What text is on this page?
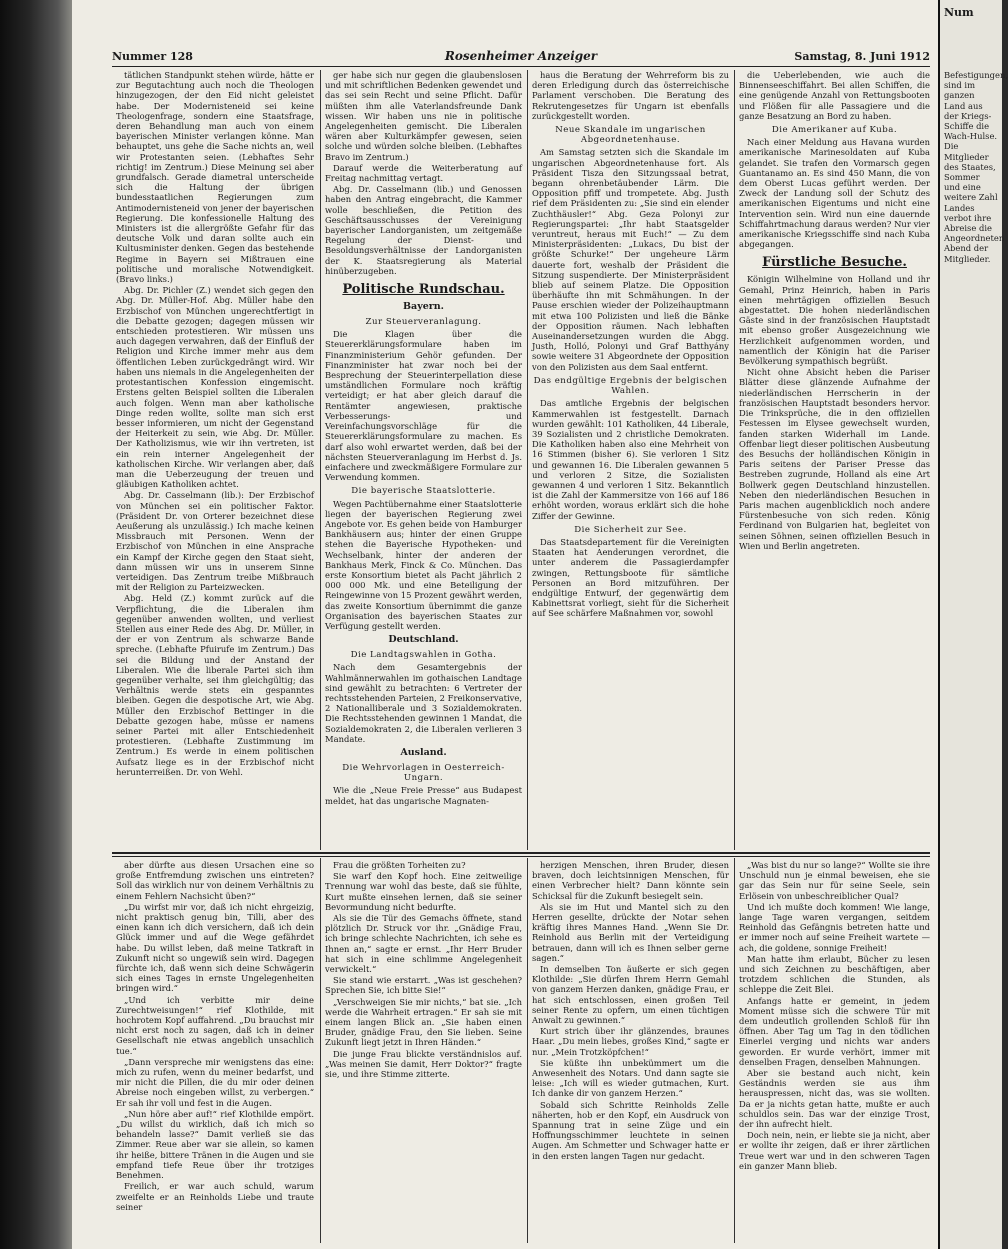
Nummer 128	Rosenheimer Anzeiger	Samstag, 8. Juni 1912

tätlichen Standpunkt stehen würde, hätte er zur Begutachtung auch noch die Theologen hinzugezogen, der den Eid nicht geleistet habe. Der Modernisteneid sei keine Theologenfrage, sondern eine Staatsfrage, deren Behandlung man auch von einem bayerischen Minister verlangen könne. Man behauptet, uns gehe die Sache nichts an, weil wir Protestanten seien. (Lebhaftes Sehr richtig! im Zentrum.) Diese Meinung sei aber grundfalsch. Gerade diametral unterscheide sich die Haltung der übrigen bundesstaatlichen Regierungen zum Antimodernisteneid von jener der bayerischen Regierung. Die konfessionelle Haltung des Ministers ist die allergrößte Gefahr für das deutsche Volk und daran sollte auch ein Kultusminister denken. Gegen das bestehende Regime in Bayern sei Mißtrauen eine politische und moralische Notwendigkeit. (Bravo links.)

Abg. Dr. Pichler (Z.) wendet sich gegen den Abg. Dr. Müller-Hof. Abg. Müller habe den Erzbischof von München ungerechtfertigt in die Debatte gezogen; dagegen müssen wir entschieden protestieren. Wir müssen uns auch dagegen verwahren, daß der Einfluß der Religion und Kirche immer mehr aus dem öffentlichen Leben zurückgedrängt wird. Wir haben uns niemals in die Angelegenheiten der protestantischen Konfession eingemischt. Erstens gelten Beispiel sollten die Liberalen auch folgen. Wenn man aber katholische Dinge reden wollte, sollte man sich erst besser informieren, um nicht der Gegenstand der Heiterkeit zu sein, wie Abg. Dr. Müller. Der Katholizismus, wie wir ihn vertreten, ist ein rein interner Angelegenheit der katholischen Kirche. Wir verlangen aber, daß man die Ueberzeugung der treuen und gläubigen Katholiken achtet.

Abg. Dr. Casselmann (lib.): Der Erzbischof von München sei ein politischer Faktor. (Präsident Dr. von Orterer bezeichnet diese Aeußerung als unzulässig.) Ich mache keinen Missbrauch mit Personen. Wenn der Erzbischof von München in eine Ansprache ein Kampf der Kirche gegen den Staat sieht, dann müssen wir uns in unserem Sinne verteidigen. Das Zentrum treibe Mißbrauch mit der Religion zu Parteizwecken.

Abg. Held (Z.) kommt zurück auf die Verpflichtung, die die Liberalen ihm gegenüber anwenden wollten, und verliest Stellen aus einer Rede des Abg. Dr. Müller, in der er von Zentrum als schwarze Bande spreche. (Lebhafte Pfuirufe im Zentrum.) Das sei die Bildung und der Anstand der Liberalen. Wie die liberale Partei sich ihm gegenüber verhalte, sei ihm gleichgültig; das Verhältnis werde stets ein gespanntes bleiben. Gegen die despotische Art, wie Abg. Müller den Erzbischof Bettinger in die Debatte gezogen habe, müsse er namens seiner Partei mit aller Entschiedenheit protestieren. (Lebhafte Zustimmung im Zentrum.) Es werde in einem politischen Aufsatz liege es in der Erzbischof nicht herunterreißen. Dr. von Wehl.

ger habe sich nur gegen die glaubenslosen und mit schriftlichen Bedenken gewendet und das sei sein Recht und seine Pflicht. Dafür müßten ihm alle Vaterlandsfreunde Dank wissen. Wir haben uns nie in politische Angelegenheiten gemischt. Die Liberalen wären aber Kulturkämpfer gewesen, seien solche und würden solche bleiben. (Lebhaftes Bravo im Zentrum.)

Darauf werde die Weiterberatung auf Freitag nachmittag vertagt.

Abg. Dr. Casselmann (lib.) und Genossen haben den Antrag eingebracht, die Kammer wolle beschließen, die Petition des Geschäftsausschusses der Vereinigung bayerischer Landorganisten, um zeitgemäße Regelung der Dienst- und Besoldungsverhältnisse der Landorganisten der K. Staatsregierung als Material hinüberzugeben.

Politische Rundschau.
Bayern.
Zur Steuerveranlagung.

Die Klagen über die Steuererklärungsformulare haben im Finanzministerium Gehör gefunden. Der Finanzminister hat zwar noch bei der Besprechung der Steuerinterpellation diese umständlichen Formulare noch kräftig verteidigt; er hat aber gleich darauf die Rentämter angewiesen, praktische Verbesserungs- und Vereinfachungsvorschläge für die Steuererklärungsformulare zu machen. Es darf also wohl erwartet werden, daß bei der nächsten Steuerveranlagung im Herbst d. Js. einfachere und zweckmäßigere Formulare zur Verwendung kommen.

Die bayerische Staatslotterie.

Wegen Pachtübernahme einer Staatslotterie liegen der bayerischen Regierung zwei Angebote vor. Es gehen beide von Hamburger Bankhäusern aus; hinter der einen Gruppe stehen die Bayerische Hypotheken- und Wechselbank, hinter der anderen der Bankhaus Merk, Finck & Co. München. Das erste Konsortium bietet als Pacht jährlich 2 000 000 Mk. und eine Beteiligung der Reingewinne von 15 Prozent gewährt werden, das zweite Konsortium übernimmt die ganze Organisation des bayerischen Staates zur Verfügung gestellt werden.

Deutschland.
Die Landtagswahlen in Gotha.

Nach dem Gesamtergebnis der Wahlmännerwahlen im gothaischen Landtage sind gewählt zu betrachten: 6 Vertreter der rechtsstehenden Parteien, 2 Freikonservative, 2 Nationalliberale und 3 Sozialdemokraten. Die Rechtsstehenden gewinnen 1 Mandat, die Sozialdemokraten 2, die Liberalen verlieren 3 Mandate.

Ausland.
Die Wehrvorlagen in Oesterreich-Ungarn.

Wie die „Neue Freie Presse“ aus Budapest meldet, hat das ungarische Magnaten-

haus die Beratung der Wehrreform bis zu deren Erledigung durch das österreichische Parlament verschoben. Die Beratung des Rekrutengesetzes für Ungarn ist ebenfalls zurückgestellt worden.

Neue Skandale im ungarischen Abgeordnetenhause.

Am Samstag setzten sich die Skandale im ungarischen Abgeordnetenhause fort. Als Präsident Tisza den Sitzungssaal betrat, begann ohrenbetäubender Lärm. Die Opposition pfiff und trompetete. Abg. Justh rief dem Präsidenten zu: „Sie sind ein elender Zuchthäusler!“ Abg. Geza Polonyi zur Regierungspartei: „Ihr habt Staatsgelder veruntreut, heraus mit Euch!“ — Zu dem Ministerpräsidenten: „Lukacs, Du bist der größte Schurke!“ Der ungeheure Lärm dauerte fort, weshalb der Präsident die Sitzung suspendierte. Der Ministerpräsident blieb auf seinem Platze. Die Opposition überhäufte ihn mit Schmähungen. In der Pause erschien wieder der Polizeihauptmann mit etwa 100 Polizisten und ließ die Bänke der Opposition räumen. Nach lebhaften Auseinandersetzungen wurden die Abgg. Justh, Holló, Polonyi und Graf Batthyány sowie weitere 31 Abgeordnete der Opposition von den Polizisten aus dem Saal entfernt.

Das endgültige Ergebnis der belgischen Wahlen.

Das amtliche Ergebnis der belgischen Kammerwahlen ist festgestellt. Darnach wurden gewählt: 101 Katholiken, 44 Liberale, 39 Sozialisten und 2 christliche Demokraten. Die Katholiken haben also eine Mehrheit von 16 Stimmen (bisher 6). Sie verloren 1 Sitz und gewannen 16. Die Liberalen gewannen 5 und verloren 2 Sitze, die Sozialisten gewannen 4 und verloren 1 Sitz. Bekanntlich ist die Zahl der Kammersitze von 166 auf 186 erhöht worden, woraus erklärt sich die hohe Ziffer der Gewinne.

Die Sicherheit zur See.

Das Staatsdepartement für die Vereinigten Staaten hat Aenderungen verordnet, die unter anderem die Passagierdampfer zwingen, Rettungsboote für sämtliche Personen an Bord mitzuführen. Der endgültige Entwurf, der gegenwärtig dem Kabinettsrat vorliegt, sieht für die Sicherheit auf See schärfere Maßnahmen vor, sowohl

die Ueberlebenden, wie auch die Binnenseeschiffahrt. Bei allen Schiffen, die eine genügende Anzahl von Rettungsbooten und Flößen für alle Passagiere und die ganze Besatzung an Bord zu haben.

Die Amerikaner auf Kuba.

Nach einer Meldung aus Havana wurden amerikanische Marinesoldaten auf Kuba gelandet. Sie trafen den Vormarsch gegen Guantanamo an. Es sind 450 Mann, die von dem Oberst Lucas geführt werden. Der Zweck der Landung soll der Schutz des amerikanischen Eigentums und nicht eine Intervention sein. Wird nun eine dauernde Schiffahrtmachung daraus werden? Nur vier amerikanische Kriegsschiffe sind nach Kuba abgegangen.

Fürstliche Besuche.

Königin Wilhelmine von Holland und ihr Gemahl, Prinz Heinrich, haben in Paris einen mehrtägigen offiziellen Besuch abgestattet. Die hohen niederländischen Gäste sind in der französischen Hauptstadt mit ebenso großer Ausgezeichnung wie Herzlichkeit aufgenommen worden, und namentlich der Königin hat die Pariser Bevölkerung sympathisch begrüßt.

Nicht ohne Absicht heben die Pariser Blätter diese glänzende Aufnahme der niederländischen Herrscherin in der französischen Hauptstadt besonders hervor. Die Trinksprüche, die in den offiziellen Festessen im Elysee gewechselt wurden, fanden starken Widerhall im Lande. Offenbar liegt dieser politischen Ausbeutung des Besuchs der holländischen Königin in Paris seitens der Pariser Presse das Bestreben zugrunde, Holland als eine Art Bollwerk gegen Deutschland hinzustellen. Neben den niederländischen Besuchen in Paris machen augenblicklich noch andere Fürstenbesuche von sich reden. König Ferdinand von Bulgarien hat, begleitet von seinen Söhnen, seinen offiziellen Besuch in Wien und Berlin angetreten.

aber dürfte aus diesen Ursachen eine so große Entfremdung zwischen uns eintreten? Soll das wirklich nur von deinem Verhältnis zu einem Fehlern Nachsicht üben?“

„Du wirfst mir vor, daß ich nicht ehrgeizig, nicht praktisch genug bin, Tilli, aber des einen kann ich dich versichern, daß ich dein Glück immer und auf die Wege gefährdet habe. Du willst leben, daß meine Tatkraft in Zukunft nicht so ungewiß sein wird. Dagegen fürchte ich, daß wenn sich deine Schwägerin sich eines Tages in ernste Ungelegenheiten bringen wird.“

„Und ich verbitte mir deine Zurechtweisungen!“ rief Klothilde, mit hochrotem Kopf auffahrend. „Du brauchst mir nicht erst noch zu sagen, daß ich in deiner Gesellschaft nie etwas angeblich unsachlich tue.“

„Dann verspreche mir wenigstens das eine: mich zu rufen, wenn du meiner bedarfst, und mir nicht die Pillen, die du mir oder deinen Abreise noch eingeben willst, zu verbergen.“ Er sah ihr voll und fest in die Augen.

„Nun höre aber auf!“ rief Klothilde empört. „Du willst du wirklich, daß ich mich so behandeln lasse?“ Damit verließ sie das Zimmer. Reue aber war sie allein, so kamen ihr heiße, bittere Tränen in die Augen und sie empfand tiefe Reue über ihr trotziges Benehmen.

Freilich, er war auch schuld, warum zweifelte er an Reinholds Liebe und traute seiner

Frau die größten Torheiten zu?

Sie warf den Kopf hoch. Eine zeitweilige Trennung war wohl das beste, daß sie fühlte, Kurt mußte einsehen lernen, daß sie seiner Bevormundung nicht bedurfte.

Als sie die Tür des Gemachs öffnete, stand plötzlich Dr. Struck vor ihr. „Gnädige Frau, ich bringe schlechte Nachrichten, ich sehe es Ihnen an,“ sagte er ernst. „Ihr Herr Bruder hat sich in eine schlimme Angelegenheit verwickelt.“

Sie stand wie erstarrt. „Was ist geschehen? Sprechen Sie, ich bitte Sie!“

„Verschweigen Sie mir nichts,“ bat sie. „Ich werde die Wahrheit ertragen.“ Er sah sie mit einem langen Blick an. „Sie haben einen Bruder, gnädige Frau, den Sie lieben. Seine Zukunft liegt jetzt in Ihren Händen.“

Die junge Frau blickte verständnislos auf. „Was meinen Sie damit, Herr Doktor?“ fragte sie, und ihre Stimme zitterte.

herzigen Menschen, ihren Bruder, diesen braven, doch leichtsinnigen Menschen, für einen Verbrecher hielt? Dann könnte sein Schicksal für die Zukunft besiegelt sein.

Als sie im Hut und Mantel sich zu den Herren gesellte, drückte der Notar sehen kräftig ihres Mannes Hand. „Wenn Sie Dr. Reinhold aus Berlin mit der Verteidigung betrauen, dann will ich es Ihnen selber gerne sagen.“

In demselben Ton äußerte er sich gegen Klothilde: „Sie dürfen Ihrem Herrn Gemahl von ganzem Herzen danken, gnädige Frau, er hat sich entschlossen, einen großen Teil seiner Rente zu opfern, um einen tüchtigen Anwalt zu gewinnen.“

Kurt strich über ihr glänzendes, braunes Haar. „Du mein liebes, großes Kind,“ sagte er nur. „Mein Trotzköpfchen!“

Sie küßte ihn unbekümmert um die Anwesenheit des Notars. Und dann sagte sie leise: „Ich will es wieder gutmachen, Kurt. Ich danke dir von ganzem Herzen.“

Sobald sich Schritte Reinholds Zelle näherten, hob er den Kopf, ein Ausdruck von Spannung trat in seine Züge und ein Hoffnungsschimmer leuchtete in seinen Augen. Am Schmetter und Schwager hatte er in den ersten langen Tagen nur gedacht.

„Was bist du nur so lange?“ Wollte sie ihre Unschuld nun je einmal beweisen, ehe sie gar das Sein nur für seine Seele, sein Erlösein von unbeschreiblicher Qual?

Und ich mußte doch kommen! Wie lange, lange Tage waren vergangen, seitdem Reinhold das Gefängnis betreten hatte und er immer noch auf seine Freiheit wartete — ach, die goldene, sonnige Freiheit!

Man hatte ihm erlaubt, Bücher zu lesen und sich Zeichnen zu beschäftigen, aber trotzdem schlichen die Stunden, als schleppe die Zeit Blei.

Anfangs hatte er gemeint, in jedem Moment müsse sich die schwere Tür mit dem undeutlich grollenden Schloß für ihn öffnen. Aber Tag um Tag in den tödlichen Einerlei verging und nichts war anders geworden. Er wurde verhört, immer mit denselben Fragen, denselben Mahnungen.

Aber sie bestand auch nicht, kein Geständnis werden sie aus ihm herauspressen, nicht das, was sie wollten. Da er ja nichts getan hatte, mußte er auch schuldlos sein. Das war der einzige Trost, der ihn aufrecht hielt.

Doch nein, nein, er liebte sie ja nicht, aber er wollte ihr zeigen, daß er ihrer zärtlichen Treue wert war und in den schweren Tagen ein ganzer Mann blieb.

Num
Befestigungen, sind im ganzen Land aus der Kriegs-Schiffe die Wach-Hulse. Die Mitglieder des Staates, Sommer und eine weitere Zahl Landes verbot ihre Abreise die Angeordneten Abend der Mitglieder.
